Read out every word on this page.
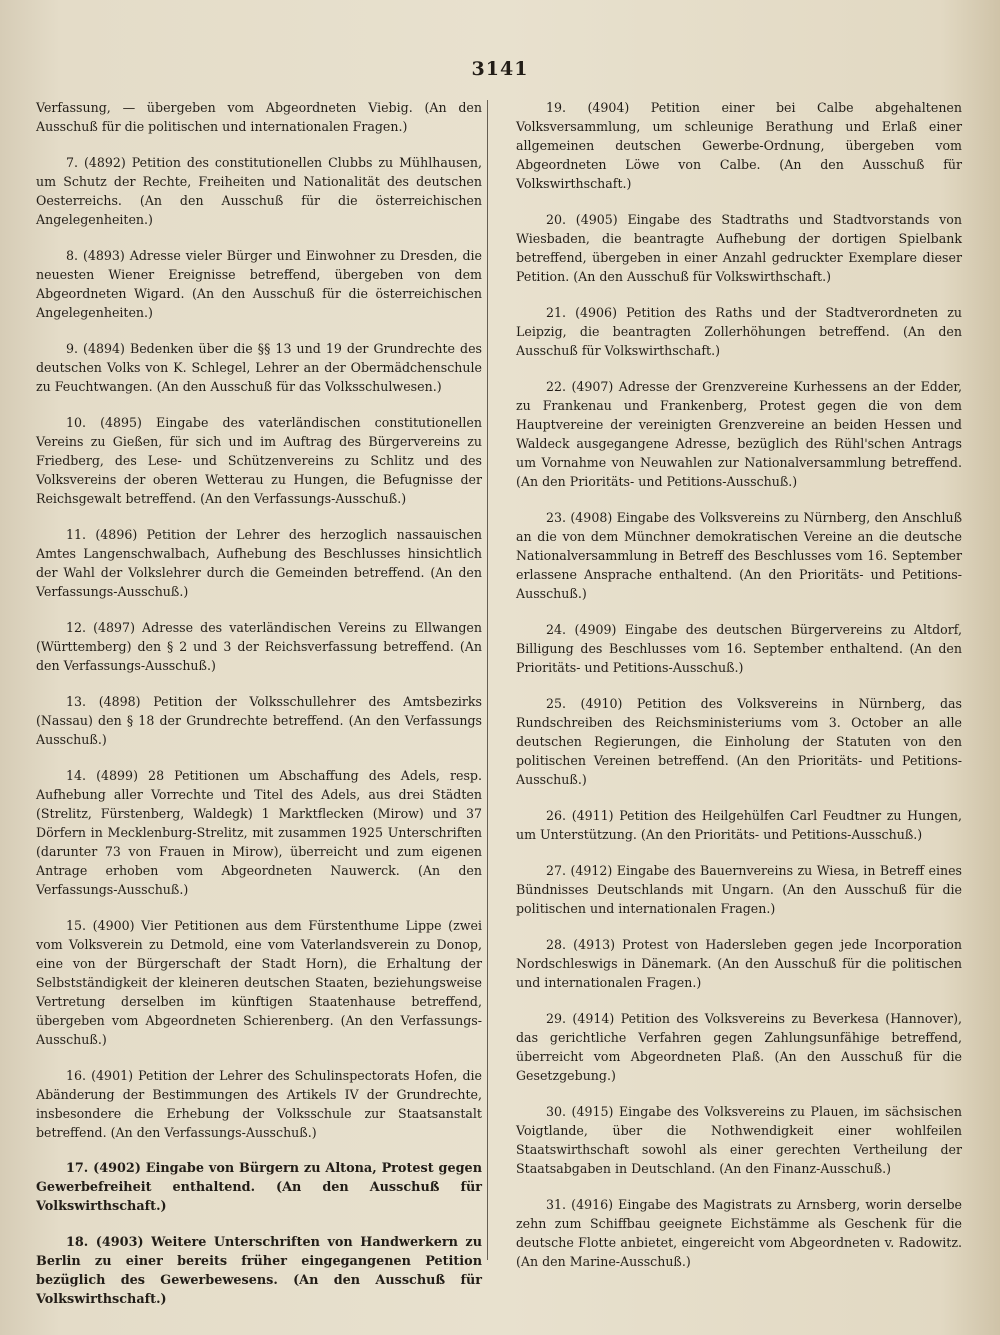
3141

Verfassung, — übergeben vom Abgeordneten Viebig. (An den Ausschuß für die politischen und internationalen Fragen.)

7. (4892) Petition des constitutionellen Clubbs zu Mühlhausen, um Schutz der Rechte, Freiheiten und Nationalität des deutschen Oesterreichs. (An den Ausschuß für die österreichischen Angelegenheiten.)

8. (4893) Adresse vieler Bürger und Einwohner zu Dresden, die neuesten Wiener Ereignisse betreffend, übergeben von dem Abgeordneten Wigard. (An den Ausschuß für die österreichischen Angelegenheiten.)

9. (4894) Bedenken über die §§ 13 und 19 der Grundrechte des deutschen Volks von K. Schlegel, Lehrer an der Obermädchenschule zu Feuchtwangen. (An den Ausschuß für das Volksschulwesen.)

10. (4895) Eingabe des vaterländischen constitutionellen Vereins zu Gießen, für sich und im Auftrag des Bürgervereins zu Friedberg, des Lese- und Schützenvereins zu Schlitz und des Volksvereins der oberen Wetterau zu Hungen, die Befugnisse der Reichsgewalt betreffend. (An den Verfassungs-Ausschuß.)

11. (4896) Petition der Lehrer des herzoglich nassauischen Amtes Langenschwalbach, Aufhebung des Beschlusses hinsichtlich der Wahl der Volkslehrer durch die Gemeinden betreffend. (An den Verfassungs-Ausschuß.)

12. (4897) Adresse des vaterländischen Vereins zu Ellwangen (Württemberg) den § 2 und 3 der Reichsverfassung betreffend. (An den Verfassungs-Ausschuß.)

13. (4898) Petition der Volksschullehrer des Amtsbezirks (Nassau) den § 18 der Grundrechte betreffend. (An den Verfassungs Ausschuß.)

14. (4899) 28 Petitionen um Abschaffung des Adels, resp. Aufhebung aller Vorrechte und Titel des Adels, aus drei Städten (Strelitz, Fürstenberg, Waldegk) 1 Marktflecken (Mirow) und 37 Dörfern in Mecklenburg-Strelitz, mit zusammen 1925 Unterschriften (darunter 73 von Frauen in Mirow), überreicht und zum eigenen Antrage erhoben vom Abgeordneten Nauwerck. (An den Verfassungs-Ausschuß.)

15. (4900) Vier Petitionen aus dem Fürstenthume Lippe (zwei vom Volksverein zu Detmold, eine vom Vaterlandsverein zu Donop, eine von der Bürgerschaft der Stadt Horn), die Erhaltung der Selbstständigkeit der kleineren deutschen Staaten, beziehungsweise Vertretung derselben im künftigen Staatenhause betreffend, übergeben vom Abgeordneten Schierenberg. (An den Verfassungs-Ausschuß.)

16. (4901) Petition der Lehrer des Schulinspectorats Hofen, die Abänderung der Bestimmungen des Artikels IV der Grundrechte, insbesondere die Erhebung der Volksschule zur Staatsanstalt betreffend. (An den Verfassungs-Ausschuß.)

17. (4902) Eingabe von Bürgern zu Altona, Protest gegen Gewerbefreiheit enthaltend. (An den Ausschuß für Volkswirthschaft.)

18. (4903) Weitere Unterschriften von Handwerkern zu Berlin zu einer bereits früher eingegangenen Petition bezüglich des Gewerbewesens. (An den Ausschuß für Volkswirthschaft.)

19. (4904) Petition einer bei Calbe abgehaltenen Volksversammlung, um schleunige Berathung und Erlaß einer allgemeinen deutschen Gewerbe-Ordnung, übergeben vom Abgeordneten Löwe von Calbe. (An den Ausschuß für Volkswirthschaft.)

20. (4905) Eingabe des Stadtraths und Stadtvorstands von Wiesbaden, die beantragte Aufhebung der dortigen Spielbank betreffend, übergeben in einer Anzahl gedruckter Exemplare dieser Petition. (An den Ausschuß für Volkswirthschaft.)

21. (4906) Petition des Raths und der Stadtverordneten zu Leipzig, die beantragten Zollerhöhungen betreffend. (An den Ausschuß für Volkswirthschaft.)

22. (4907) Adresse der Grenzvereine Kurhessens an der Edder, zu Frankenau und Frankenberg, Protest gegen die von dem Hauptvereine der vereinigten Grenzvereine an beiden Hessen und Waldeck ausgegangene Adresse, bezüglich des Rühl'schen Antrags um Vornahme von Neuwahlen zur Nationalversammlung betreffend. (An den Prioritäts- und Petitions-Ausschuß.)

23. (4908) Eingabe des Volksvereins zu Nürnberg, den Anschluß an die von dem Münchner demokratischen Vereine an die deutsche Nationalversammlung in Betreff des Beschlusses vom 16. September erlassene Ansprache enthaltend. (An den Prioritäts- und Petitions-Ausschuß.)

24. (4909) Eingabe des deutschen Bürgervereins zu Altdorf, Billigung des Beschlusses vom 16. September enthaltend. (An den Prioritäts- und Petitions-Ausschuß.)

25. (4910) Petition des Volksvereins in Nürnberg, das Rundschreiben des Reichsministeriums vom 3. October an alle deutschen Regierungen, die Einholung der Statuten von den politischen Vereinen betreffend. (An den Prioritäts- und Petitions-Ausschuß.)

26. (4911) Petition des Heilgehülfen Carl Feudtner zu Hungen, um Unterstützung. (An den Prioritäts- und Petitions-Ausschuß.)

27. (4912) Eingabe des Bauernvereins zu Wiesa, in Betreff eines Bündnisses Deutschlands mit Ungarn. (An den Ausschuß für die politischen und internationalen Fragen.)

28. (4913) Protest von Hadersleben gegen jede Incorporation Nordschleswigs in Dänemark. (An den Ausschuß für die politischen und internationalen Fragen.)

29. (4914) Petition des Volksvereins zu Beverkesa (Hannover), das gerichtliche Verfahren gegen Zahlungsunfähige betreffend, überreicht vom Abgeordneten Plaß. (An den Ausschuß für die Gesetzgebung.)

30. (4915) Eingabe des Volksvereins zu Plauen, im sächsischen Voigtlande, über die Nothwendigkeit einer wohlfeilen Staatswirthschaft sowohl als einer gerechten Vertheilung der Staatsabgaben in Deutschland. (An den Finanz-Ausschuß.)

31. (4916) Eingabe des Magistrats zu Arnsberg, worin derselbe zehn zum Schiffbau geeignete Eichstämme als Geschenk für die deutsche Flotte anbietet, eingereicht vom Abgeordneten v. Radowitz. (An den Marine-Ausschuß.)
